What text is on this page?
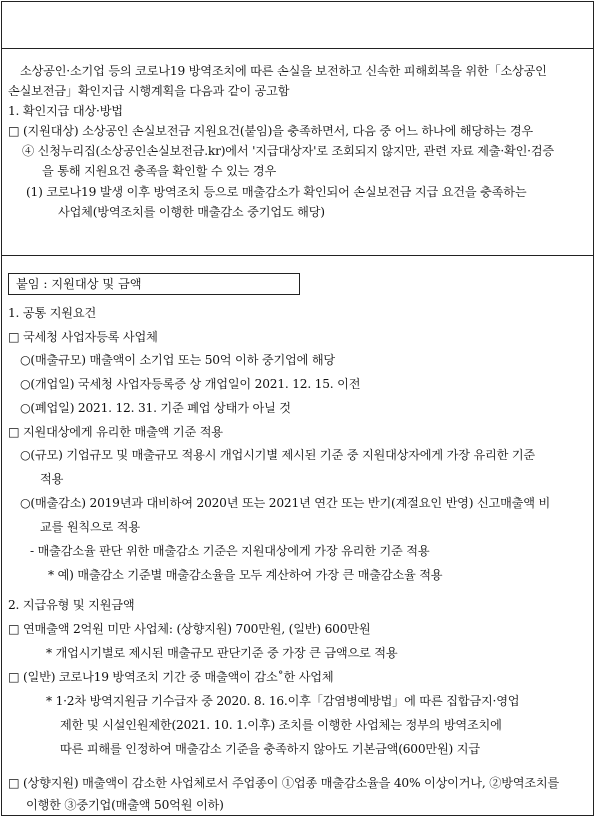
소상공인·소기업 등의 코로나19 방역조치에 따른 손실을 보전하고 신속한 피해회복을 위한「소상공인
손실보전금」확인지급 시행계획을 다음과 같이 공고함
1. 확인지급 대상·방법
□ (지원대상) 소상공인 손실보전금 지원요건(붙임)을 충족하면서, 다음 중 어느 하나에 해당하는 경우
④ 신청누리집(소상공인손실보전금.kr)에서 '지급대상자'로 조회되지 않지만, 관련 자료 제출·확인·검증
을 통해 지원요건 충족을 확인할 수 있는 경우
(1) 코로나19 발생 이후 방역조치 등으로 매출감소가 확인되어 손실보전금 지급 요건을 충족하는
사업체(방역조치를 이행한 매출감소 중기업도 해당)
붙임 : 지원대상 및 금액
1. 공통 지원요건
□ 국세청 사업자등록 사업체
○(매출규모) 매출액이 소기업 또는 50억 이하 중기업에 해당
○(개업일) 국세청 사업자등록증 상 개업일이 2021. 12. 15. 이전
○(폐업일) 2021. 12. 31. 기준 폐업 상태가 아닐 것
□ 지원대상에게 유리한 매출액 기준 적용
○(규모) 기업규모 및 매출규모 적용시 개업시기별 제시된 기준 중 지원대상자에게 가장 유리한 기준
적용
○(매출감소) 2019년과 대비하여 2020년 또는 2021년 연간 또는 반기(계절요인 반영) 신고매출액 비
교를 원칙으로 적용
- 매출감소율 판단 위한 매출감소 기준은 지원대상에게 가장 유리한 기준 적용
* 예) 매출감소 기준별 매출감소율을 모두 계산하여 가장 큰 매출감소율 적용
2. 지급유형 및 지원금액
□ 연매출액 2억원 미만 사업체: (상향지원) 700만원, (일반) 600만원
* 개업시기별로 제시된 매출규모 판단기준 중 가장 큰 금액으로 적용
□ (일반) 코로나19 방역조치 기간 중 매출액이 감소˚한 사업체
* 1·2차 방역지원금 기수급자 중 2020. 8. 16.이후「감염병예방법」에 따른 집합금지·영업
제한 및 시설인원제한(2021. 10. 1.이후) 조치를 이행한 사업체는 정부의 방역조치에
따른 피해를 인정하여 매출감소 기준을 충족하지 않아도 기본금액(600만원) 지급
□ (상향지원) 매출액이 감소한 사업체로서 주업종이 ①업종 매출감소율을 40% 이상이거나, ②방역조치를
이행한 ③중기업(매출액 50억원 이하)
